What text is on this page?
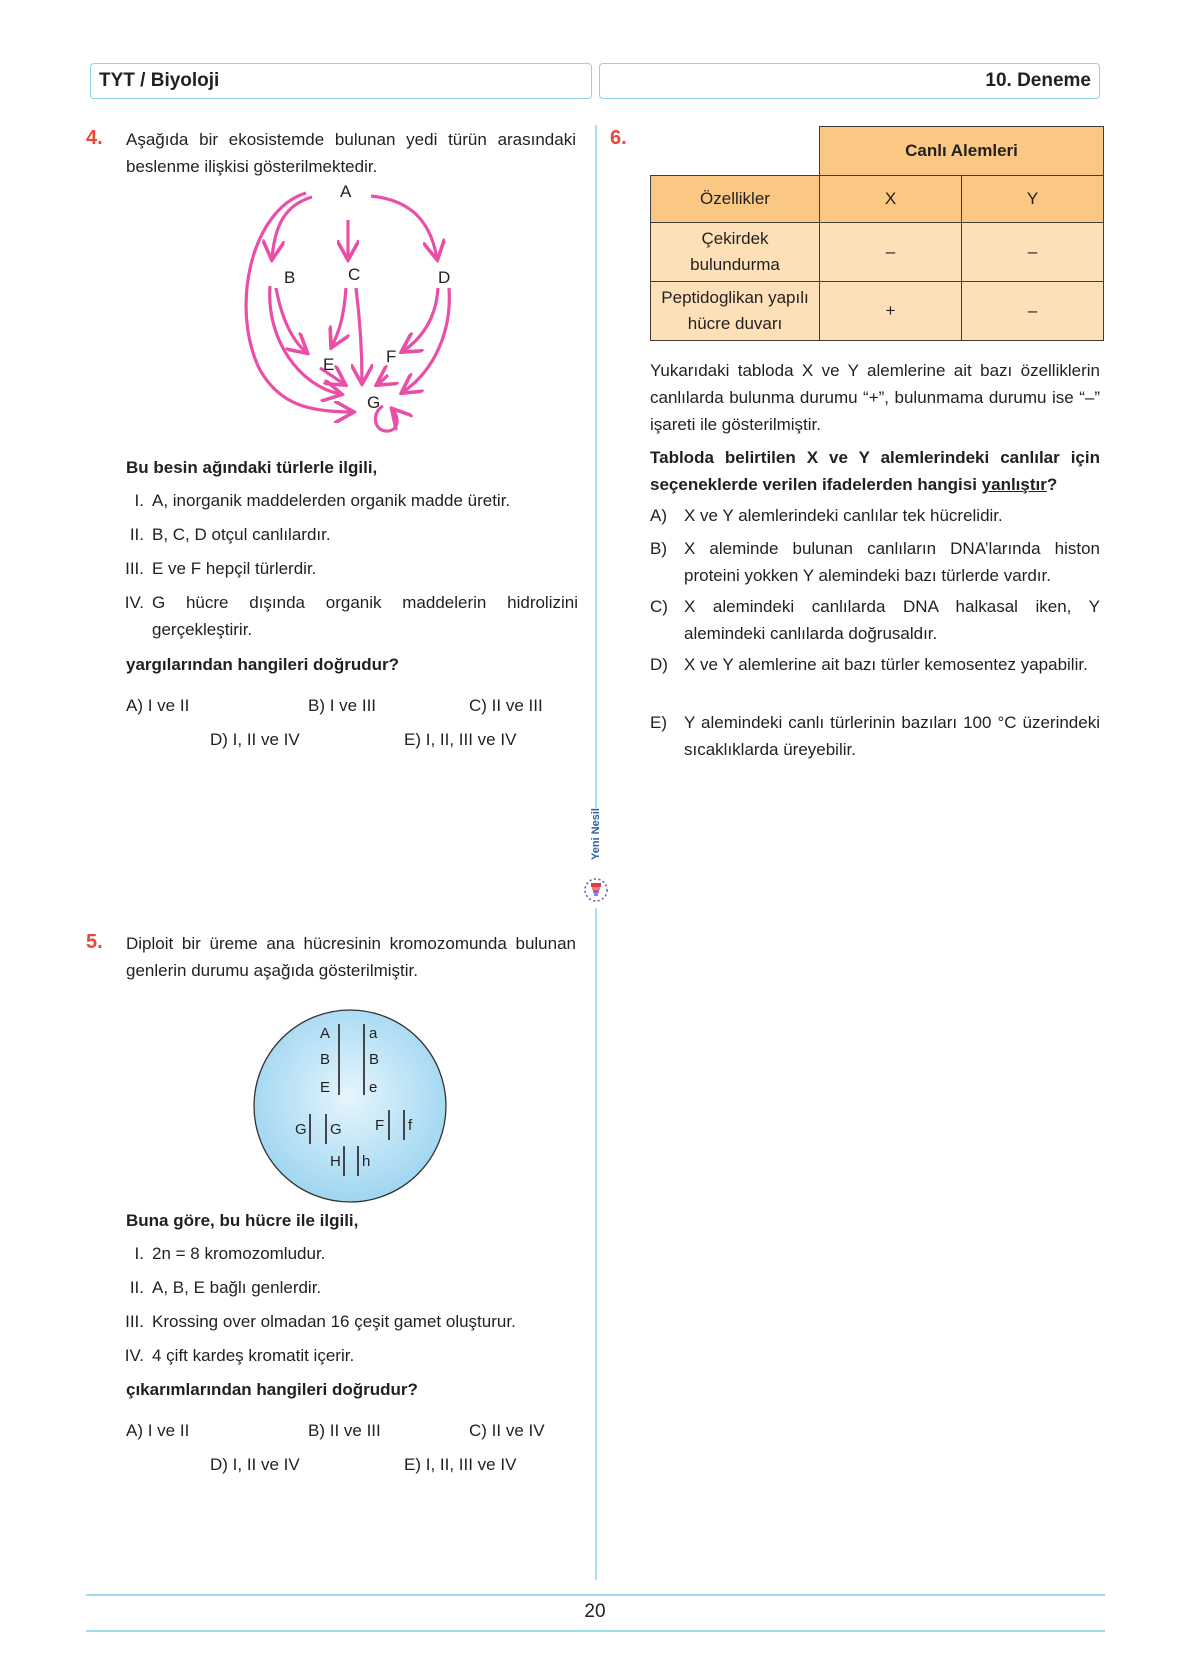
TYT / Biyoloji	10. Deneme
Yeni Nesil
4. Aşağıda bir ekosistemde bulunan yedi türün arasındaki beslenme ilişkisi gösterilmektedir.
A
B	C	D
E	F
G
Bu besin ağındaki türlerle ilgili,
I. A, inorganik maddelerden organik madde üretir.
II. B, C, D otçul canlılardır.
III. E ve F hepçil türlerdir.
IV. G hücre dışında organik maddelerin hidrolizini gerçekleştirir.
yargılarından hangileri doğrudur?
A) I ve II	B) I ve III	C) II ve III
D) I, II ve IV	E) I, II, III ve IV
5. Diploit bir üreme ana hücresinin kromozomunda bulunan genlerin durumu aşağıda gösterilmiştir.
A
B
E
a
B
e
G G F f
H h
Buna göre, bu hücre ile ilgili,
I. 2n = 8 kromozomludur.
II. A, B, E bağlı genlerdir.
III. Krossing over olmadan 16 çeşit gamet oluşturur.
IV. 4 çift kardeş kromatit içerir.
çıkarımlarından hangileri doğrudur?
A) I ve II	B) II ve III	C) II ve IV
D) I, II ve IV	E) I, II, III ve IV
6.
	Canlı Alemleri	
Özellikler	X	Y
Çekirdek bulundurma	–	–
Peptidoglikan yapılı hücre duvarı	+	–
Yukarıdaki tabloda X ve Y alemlerine ait bazı özelliklerin canlılarda bulunma durumu “+”, bulunmama durumu ise “–” işareti ile gösterilmiştir.
Tabloda belirtilen X ve Y alemlerindeki canlılar için seçeneklerde verilen ifadelerden hangisi yanlıştır?
A) X ve Y alemlerindeki canlılar tek hücrelidir.
B) X aleminde bulunan canlıların DNA’larında histon proteini yokken Y alemindeki bazı türlerde vardır.
C) X alemindeki canlılarda DNA halkasal iken, Y alemindeki canlılarda doğrusaldır.
D) X ve Y alemlerine ait bazı türler kemosentez yapabilir.
E) Y alemindeki canlı türlerinin bazıları 100 °C üzerindeki sıcaklıklarda üreyebilir.
20
